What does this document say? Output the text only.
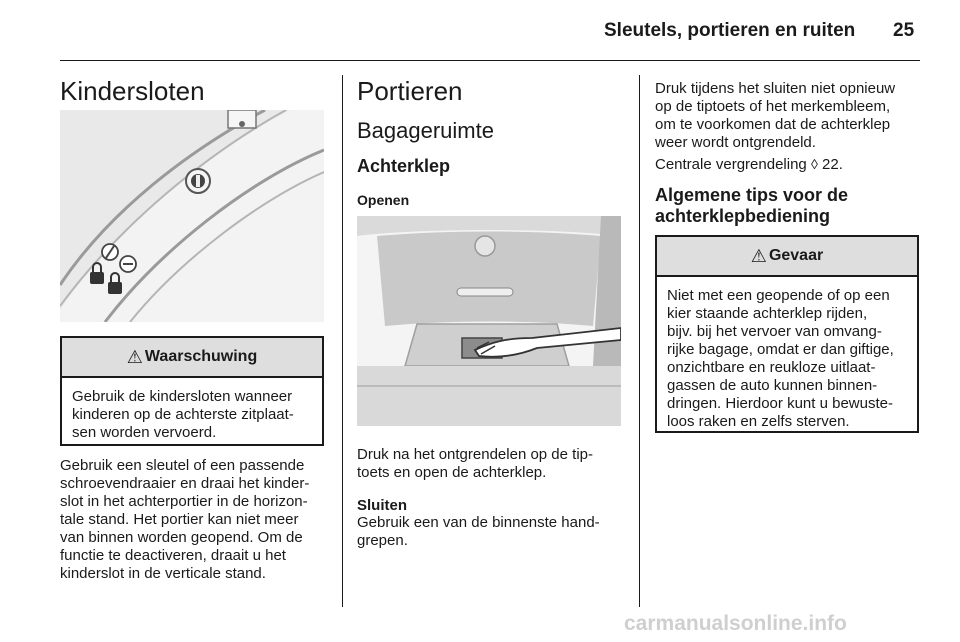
Sleutels, portieren en ruiten 25
Kindersloten
⚠ Waarschuwing
Gebruik de kindersloten wanneer
kinderen op de achterste zitplaat-
sen worden vervoerd.
Gebruik een sleutel of een passende
schroevendraaier en draai het kinder-
slot in het achterportier in de horizon-
tale stand. Het portier kan niet meer
van binnen worden geopend. Om de
functie te deactiveren, draait u het
kinderslot in de verticale stand.
Portieren
Bagageruimte
Achterklep
Openen
Druk na het ontgrendelen op de tip-
toets en open de achterklep.
Sluiten
Gebruik een van de binnenste hand-
grepen.
Druk tijdens het sluiten niet opnieuw
op de tiptoets of het merkembleem,
om te voorkomen dat de achterklep
weer wordt ontgrendeld.
Centrale vergrendeling ◊ 22.
Algemene tips voor de
achterklepbediening
⚠ Gevaar
Niet met een geopende of op een
kier staande achterklep rijden,
bijv. bij het vervoer van omvang-
rijke bagage, omdat er dan giftige,
onzichtbare en reukloze uitlaat-
gassen de auto kunnen binnen-
dringen. Hierdoor kunt u bewuste-
loos raken en zelfs sterven.
carmanualsonline.info
